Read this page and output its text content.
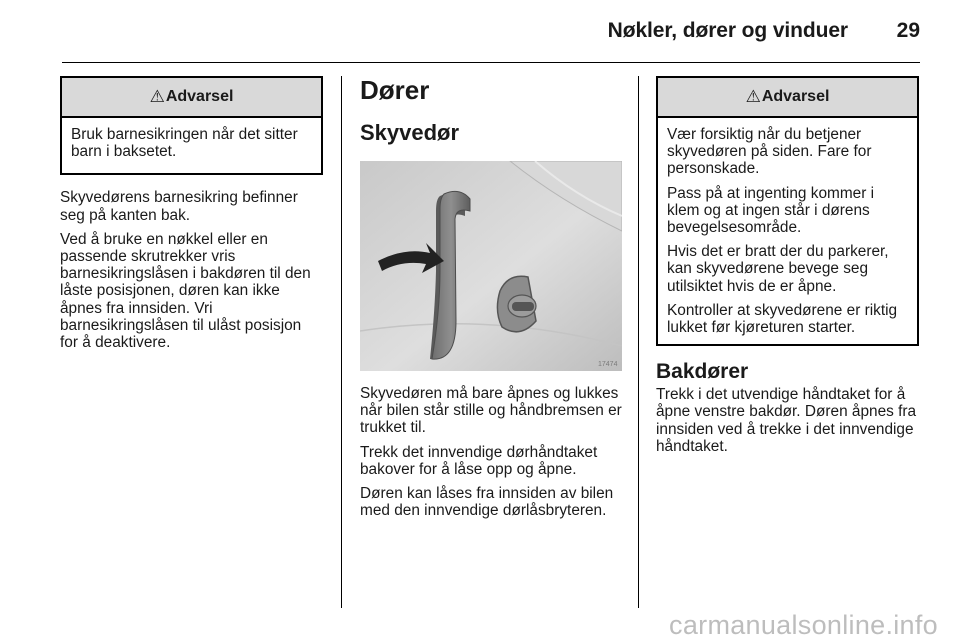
Nøkler, dører og vinduer 29
⚠ Advarsel

Bruk barnesikringen når det sitter barn i baksetet.

Skyvedørens barnesikring befinner seg på kanten bak.

Ved å bruke en nøkkel eller en passende skrutrekker vris barnesikringslåsen i bakdøren til den låste posisjonen, døren kan ikke åpnes fra innsiden. Vri barnesikringslåsen til ulåst posisjon for å deaktivere.

Dører
Skyvedør
17474

Skyvedøren må bare åpnes og lukkes når bilen står stille og håndbremsen er trukket til.

Trekk det innvendige dørhåndtaket bakover for å låse opp og åpne.

Døren kan låses fra innsiden av bilen med den innvendige dørlåsbryteren.

⚠ Advarsel

Vær forsiktig når du betjener skyvedøren på siden. Fare for personskade.

Pass på at ingenting kommer i klem og at ingen står i dørens bevegelsesområde.

Hvis det er bratt der du parkerer, kan skyvedørene bevege seg utilsiktet hvis de er åpne.

Kontroller at skyvedørene er riktig lukket før kjøreturen starter.

Bakdører

Trekk i det utvendige håndtaket for å åpne venstre bakdør. Døren åpnes fra innsiden ved å trekke i det innvendige håndtaket.

carmanualsonline.info
